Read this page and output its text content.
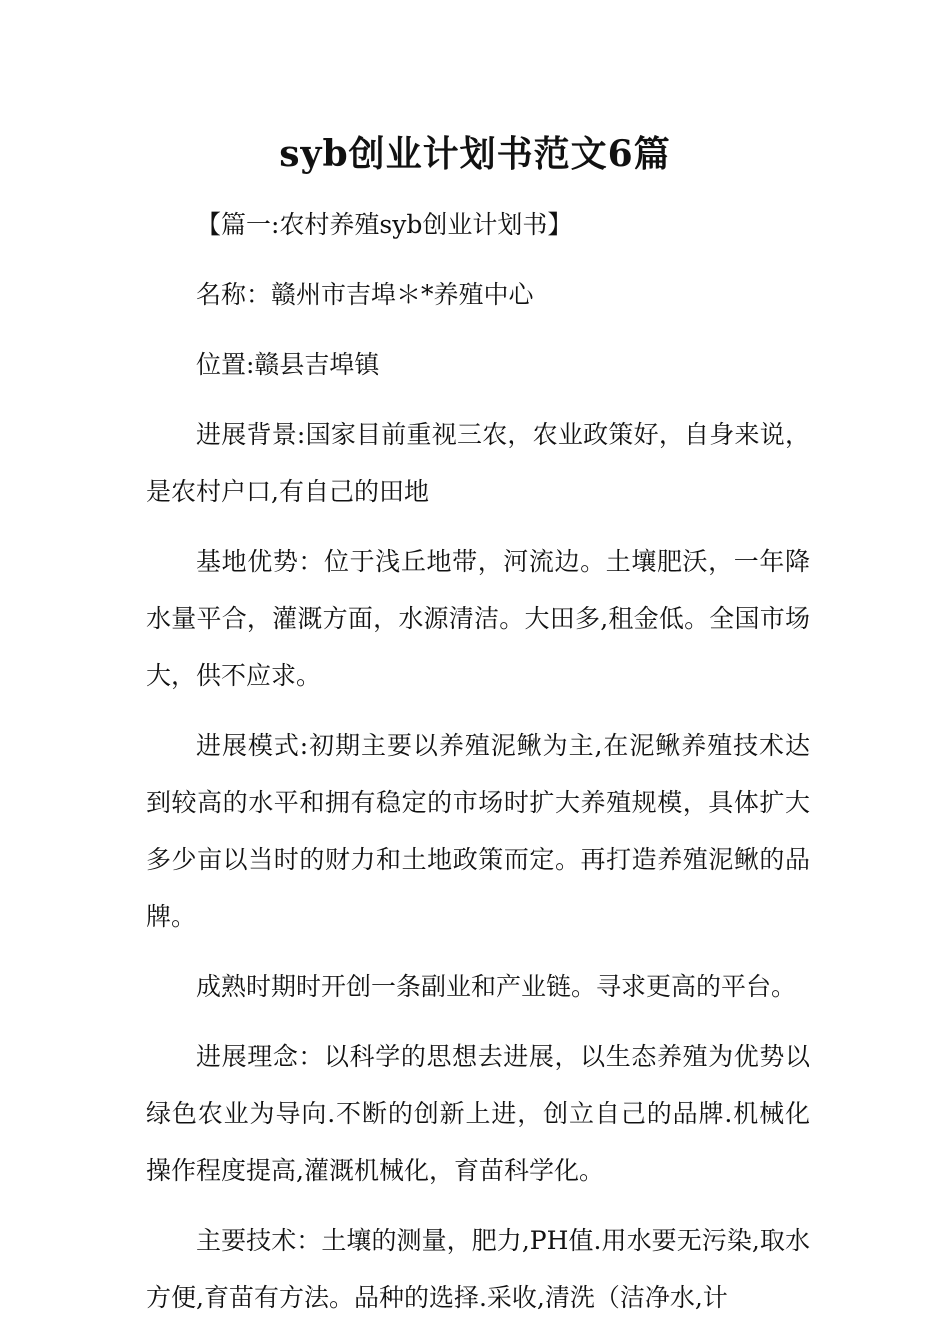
syb创业计划书范文6篇

【篇一:农村养殖syb创业计划书】

名称：赣州市吉埠＊*养殖中心

位置:赣县吉埠镇

进展背景:国家目前重视三农，农业政策好，自身来说，是农村户口,有自己的田地

基地优势：位于浅丘地带，河流边。土壤肥沃，一年降水量平合，灌溉方面，水源清洁。大田多,租金低。全国市场大，供不应求。

进展模式:初期主要以养殖泥鳅为主,在泥鳅养殖技术达到较高的水平和拥有稳定的市场时扩大养殖规模，具体扩大多少亩以当时的财力和土地政策而定。再打造养殖泥鳅的品牌。

成熟时期时开创一条副业和产业链。寻求更高的平台。

进展理念：以科学的思想去进展，以生态养殖为优势以绿色农业为导向.不断的创新上进，创立自己的品牌.机械化操作程度提高,灌溉机械化，育苗科学化。

主要技术：土壤的测量，肥力,PH值.用水要无污染,取水方便,育苗有方法。品种的选择.采收,清洗（洁净水,计
